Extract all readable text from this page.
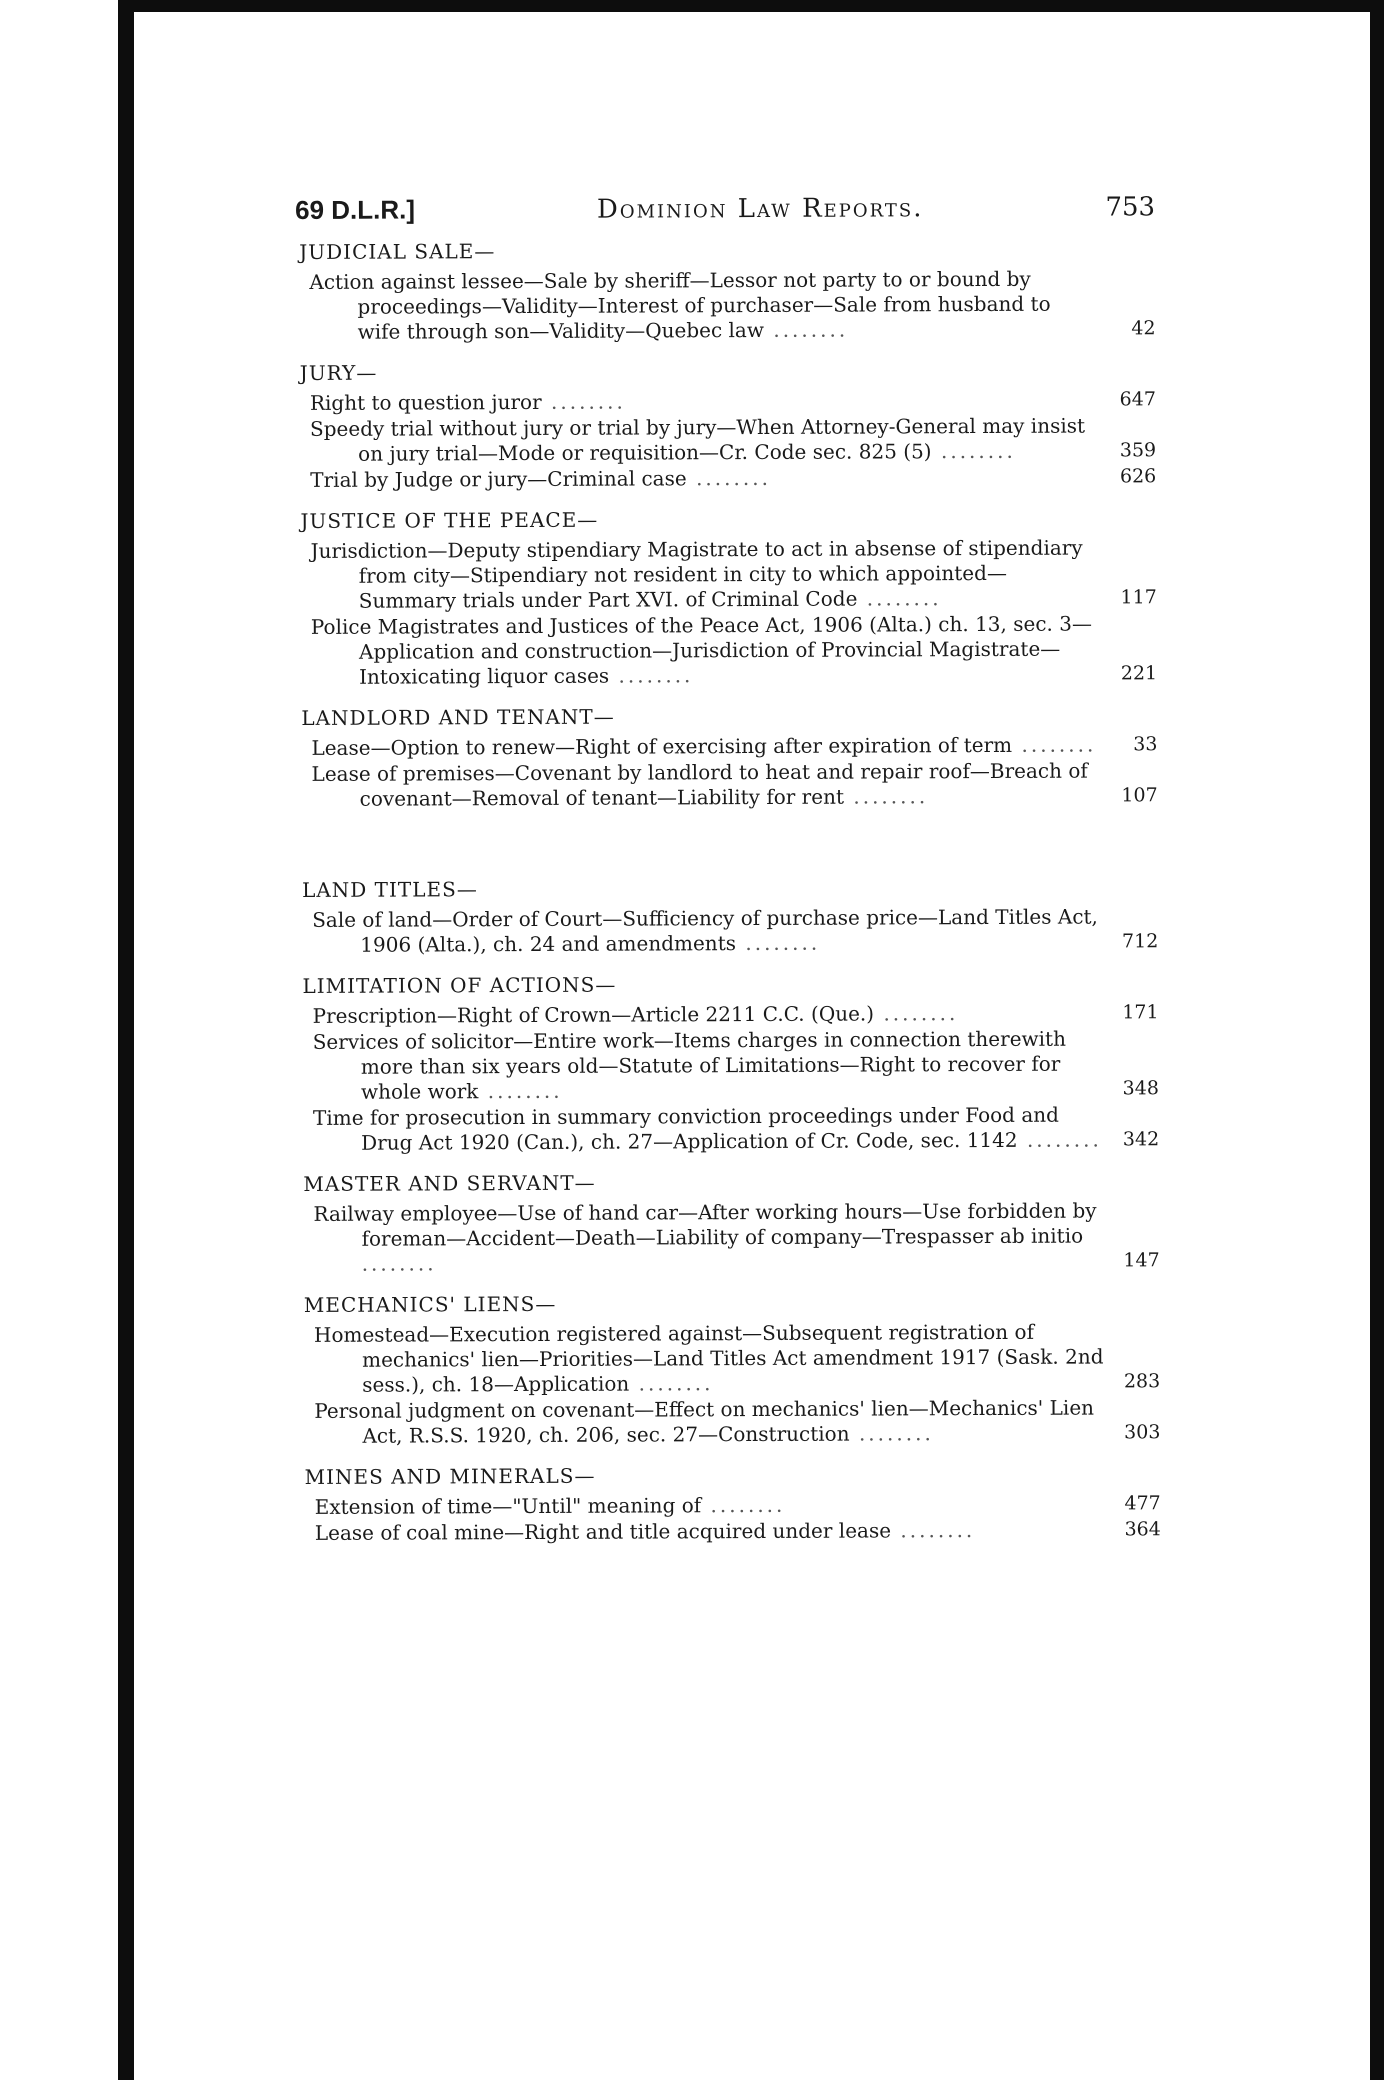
69 D.L.R.]	Dominion Law Reports.	753
JUDICIAL SALE—
Action against lessee—Sale by sheriff—Lessor not party to or bound by proceedings—Validity—Interest of purchaser—Sale from husband to wife through son—Validity—Quebec law ........	42
JURY—
Right to question juror ........	647
Speedy trial without jury or trial by jury—When Attorney-General may insist on jury trial—Mode or requisition—Cr. Code sec. 825 (5) ........	359
Trial by Judge or jury—Criminal case ........	626
JUSTICE OF THE PEACE—
Jurisdiction—Deputy stipendiary Magistrate to act in absense of stipendiary from city—Stipendiary not resident in city to which appointed—Summary trials under Part XVI. of Criminal Code ........	117
Police Magistrates and Justices of the Peace Act, 1906 (Alta.) ch. 13, sec. 3—Application and construction—Jurisdiction of Provincial Magistrate—Intoxicating liquor cases ........	221
LANDLORD AND TENANT—
Lease—Option to renew—Right of exercising after expiration of term ........	33
Lease of premises—Covenant by landlord to heat and repair roof—Breach of covenant—Removal of tenant—Liability for rent ........	107
LAND TITLES—
Sale of land—Order of Court—Sufficiency of purchase price—Land Titles Act, 1906 (Alta.), ch. 24 and amendments ........	712
LIMITATION OF ACTIONS—
Prescription—Right of Crown—Article 2211 C.C. (Que.) ........	171
Services of solicitor—Entire work—Items charges in connection therewith more than six years old—Statute of Limitations—Right to recover for whole work ........	348
Time for prosecution in summary conviction proceedings under Food and Drug Act 1920 (Can.), ch. 27—Application of Cr. Code, sec. 1142 ........	342
MASTER AND SERVANT—
Railway employee—Use of hand car—After working hours—Use forbidden by foreman—Accident—Death—Liability of company—Trespasser ab initio ........	147
MECHANICS' LIENS—
Homestead—Execution registered against—Subsequent registration of mechanics' lien—Priorities—Land Titles Act amendment 1917 (Sask. 2nd sess.), ch. 18—Application ........	283
Personal judgment on covenant—Effect on mechanics' lien—Mechanics' Lien Act, R.S.S. 1920, ch. 206, sec. 27—Construction ........	303
MINES AND MINERALS—
Extension of time—"Until" meaning of ........	477
Lease of coal mine—Right and title acquired under lease ........	364
